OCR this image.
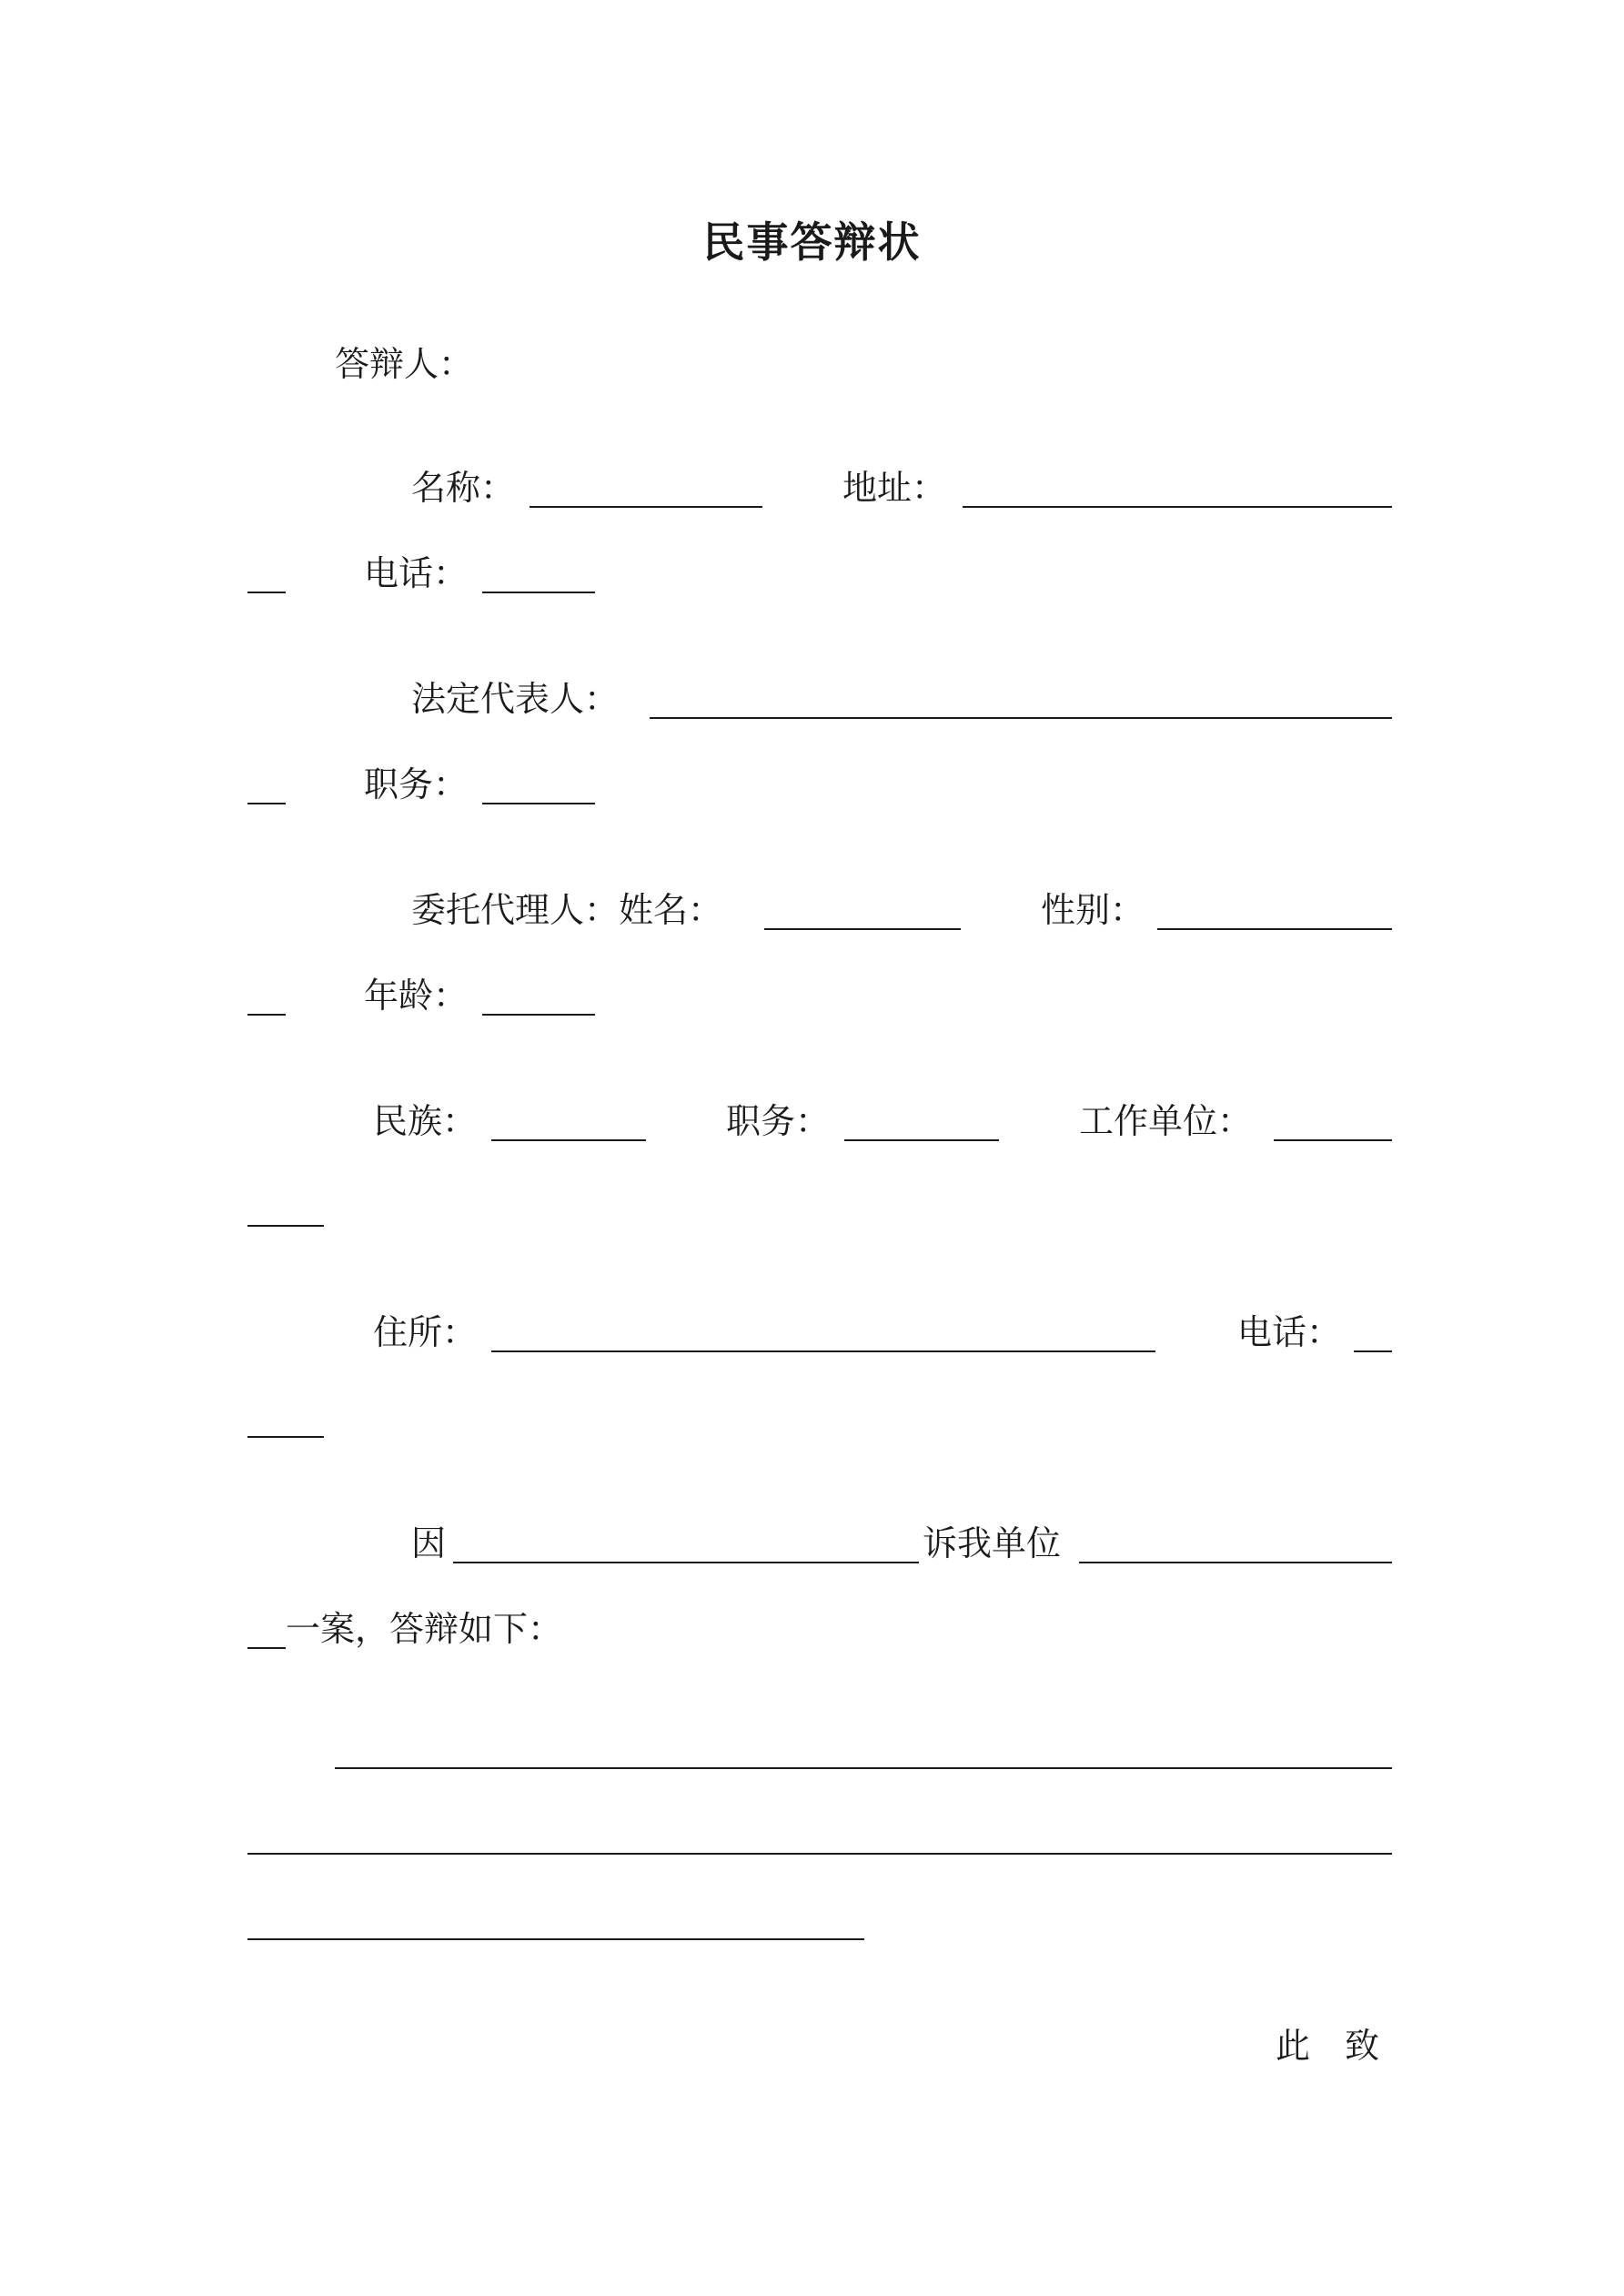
民事答辩状
答辩人：
名称：	地址：
电话：
法定代表人：
职务：
委托代理人：姓名：	性别：
年龄：
民族：	职务：	工作单位：
住所：	电话：
因	诉我单位
一案，答辩如下：
此　致
